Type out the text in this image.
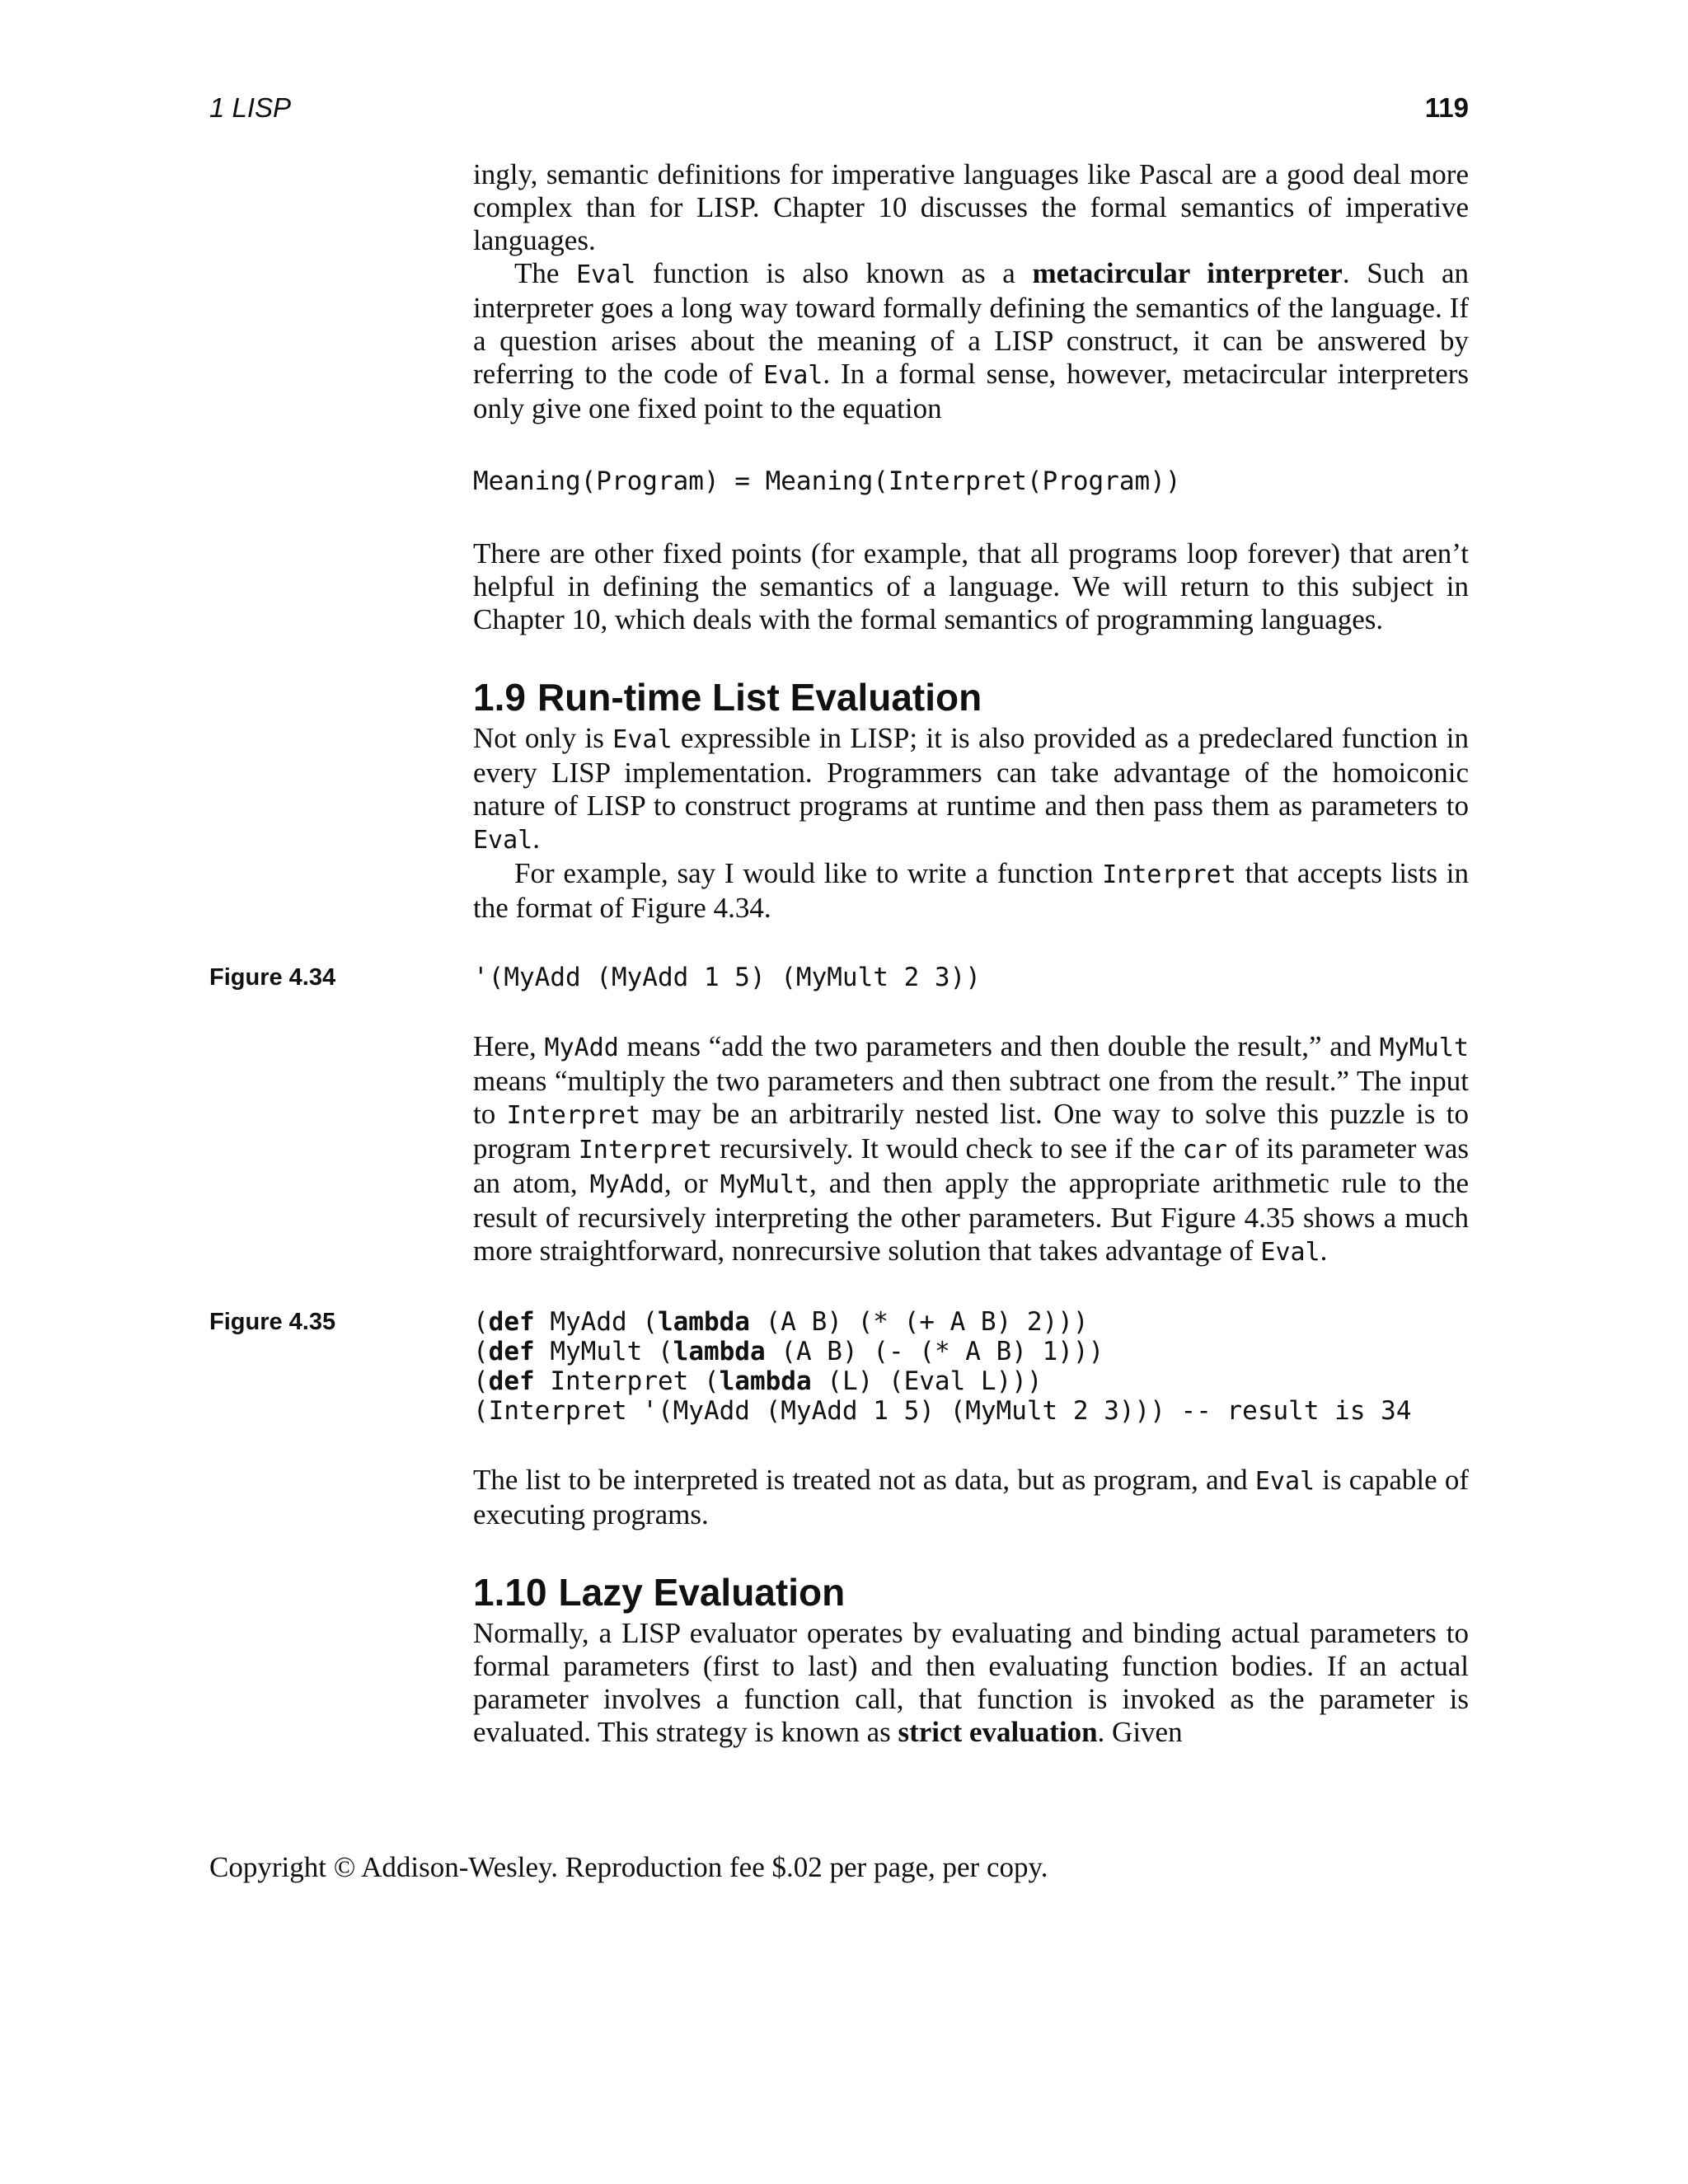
1 LISP	119

ingly, semantic definitions for imperative languages like Pascal are a good deal more complex than for LISP. Chapter 10 discusses the formal semantics of imperative languages.

The Eval function is also known as a metacircular interpreter. Such an interpreter goes a long way toward formally defining the semantics of the language. If a question arises about the meaning of a LISP construct, it can be answered by referring to the code of Eval. In a formal sense, however, metacircular interpreters only give one fixed point to the equation

Meaning(Program) = Meaning(Interpret(Program))

There are other fixed points (for example, that all programs loop forever) that aren’t helpful in defining the semantics of a language. We will return to this subject in Chapter 10, which deals with the formal semantics of programming languages.

1.9 Run-time List Evaluation

Not only is Eval expressible in LISP; it is also provided as a predeclared function in every LISP implementation. Programmers can take advantage of the homoiconic nature of LISP to construct programs at runtime and then pass them as parameters to Eval.

For example, say I would like to write a function Interpret that accepts lists in the format of Figure 4.34.

Figure 4.34	'(MyAdd (MyAdd 1 5) (MyMult 2 3))

Here, MyAdd means “add the two parameters and then double the result,” and MyMult means “multiply the two parameters and then subtract one from the result.” The input to Interpret may be an arbitrarily nested list. One way to solve this puzzle is to program Interpret recursively. It would check to see if the car of its parameter was an atom, MyAdd, or MyMult, and then apply the appropriate arithmetic rule to the result of recursively interpreting the other parameters. But Figure 4.35 shows a much more straightforward, nonrecursive solution that takes advantage of Eval.

Figure 4.35	(def MyAdd (lambda (A B) (* (+ A B) 2)))
(def MyMult (lambda (A B) (- (* A B) 1)))
(def Interpret (lambda (L) (Eval L)))
(Interpret '(MyAdd (MyAdd 1 5) (MyMult 2 3))) -- result is 34

The list to be interpreted is treated not as data, but as program, and Eval is capable of executing programs.

1.10 Lazy Evaluation

Normally, a LISP evaluator operates by evaluating and binding actual parameters to formal parameters (first to last) and then evaluating function bodies. If an actual parameter involves a function call, that function is invoked as the parameter is evaluated. This strategy is known as strict evaluation. Given

Copyright © Addison-Wesley. Reproduction fee $.02 per page, per copy.
